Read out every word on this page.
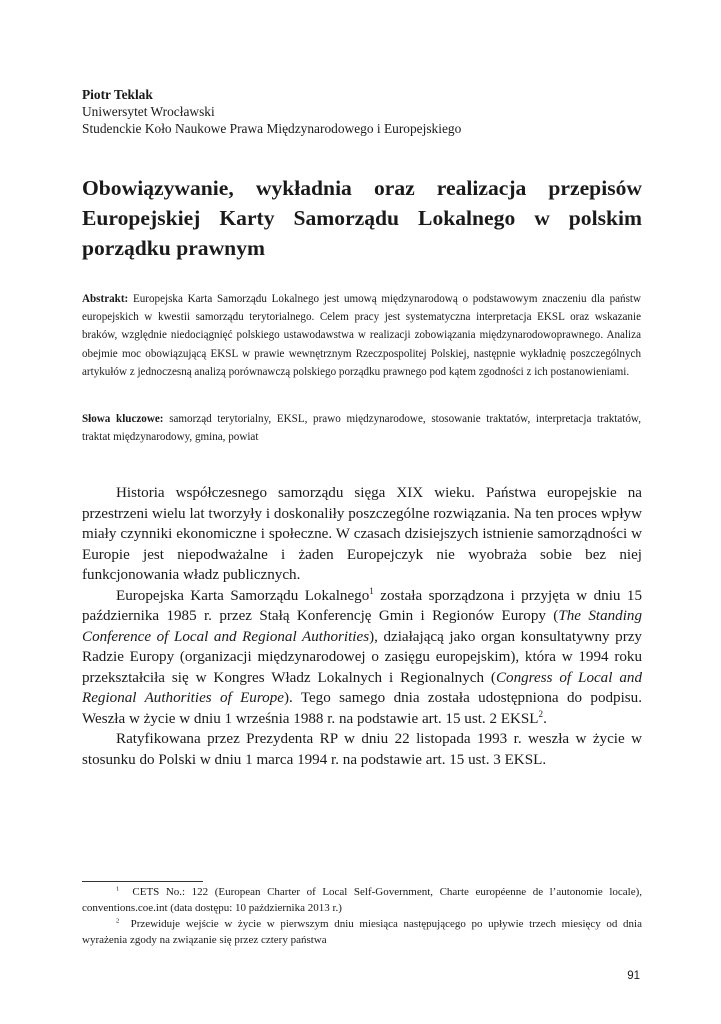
Piotr Teklak
Uniwersytet Wrocławski
Studenckie Koło Naukowe Prawa Międzynarodowego i Europejskiego
Obowiązywanie, wykładnia oraz realizacja przepisów Europejskiej Karty Samorządu Lokalnego w polskim porządku prawnym

Abstrakt: Europejska Karta Samorządu Lokalnego jest umową międzynarodową o podstawowym znaczeniu dla państw europejskich w kwestii samorządu terytorialnego. Celem pracy jest systematyczna interpretacja EKSL oraz wskazanie braków, względnie niedociągnięć polskiego ustawodawstwa w realizacji zobowiązania międzynarodowoprawnego. Analiza obejmie moc obowiązującą EKSL w prawie wewnętrznym Rzeczpospolitej Polskiej, następnie wykładnię poszczególnych artykułów z jednoczesną analizą porównawczą polskiego porządku prawnego pod kątem zgodności z ich postanowieniami.

Słowa kluczowe: samorząd terytorialny, EKSL, prawo międzynarodowe, stosowanie traktatów, interpretacja traktatów, traktat międzynarodowy, gmina, powiat

Historia współczesnego samorządu sięga XIX wieku. Państwa europejskie na przestrzeni wielu lat tworzyły i doskonaliły poszczególne rozwiązania. Na ten proces wpływ miały czynniki ekonomiczne i społeczne. W czasach dzisiejszych istnienie samorządności w Europie jest niepodważalne i żaden Europejczyk nie wyobraża sobie bez niej funkcjonowania władz publicznych.

Europejska Karta Samorządu Lokalnego$^1$ została sporządzona i przyjęta w dniu 15 października 1985 r. przez Stałą Konferencję Gmin i Regionów Europy (The Standing Conference of Local and Regional Authorities), działającą jako organ konsultatywny przy Radzie Europy (organizacji międzynarodowej o zasięgu europejskim), która w 1994 roku przekształciła się w Kongres Władz Lokalnych i Regionalnych (Congress of Local and Regional Authorities of Europe). Tego samego dnia została udostępniona do podpisu. Weszła w życie w dniu 1 września 1988 r. na podstawie art. 15 ust. 2 EKSL$^2$.

Ratyfikowana przez Prezydenta RP w dniu 22 listopada 1993 r. weszła w życie w stosunku do Polski w dniu 1 marca 1994 r. na podstawie art. 15 ust. 3 EKSL.

$^1$ CETS No.: 122 (European Charter of Local Self-Government, Charte européenne de l’autonomie locale), conventions.coe.int (data dostępu: 10 października 2013 r.)

$^2$ Przewiduje wejście w życie w pierwszym dniu miesiąca następującego po upływie trzech miesięcy od dnia wyrażenia zgody na związanie się przez cztery państwa

91
